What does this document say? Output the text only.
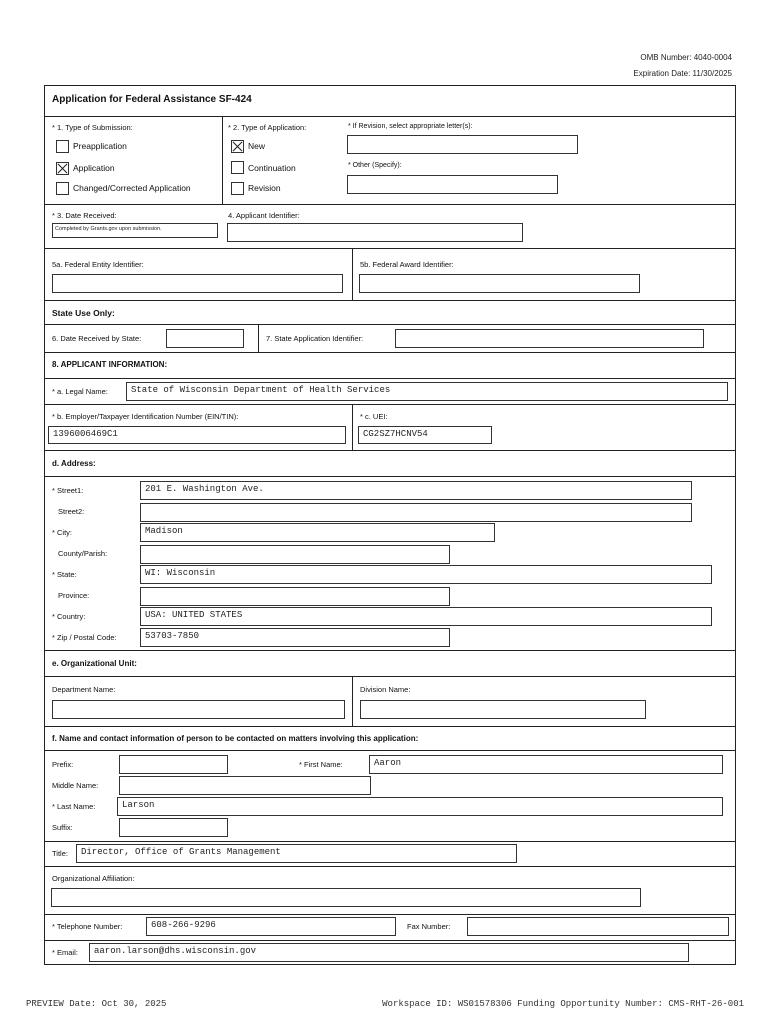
OMB Number: 4040-0004
Expiration Date: 11/30/2025
Application for Federal Assistance SF-424
* 1. Type of Submission:
Preapplication
Application
Changed/Corrected Application
* 2. Type of Application:
New
Continuation
Revision
* If Revision, select appropriate letter(s):
* Other (Specify):
* 3. Date Received:
Completed by Grants.gov upon submission.
4. Applicant Identifier:
5a. Federal Entity Identifier:	5b. Federal Award Identifier:
State Use Only:
6. Date Received by State:	7. State Application Identifier:
8. APPLICANT INFORMATION:
* a. Legal Name:	State of Wisconsin Department of Health Services
* b. Employer/Taxpayer Identification Number (EIN/TIN):
1396006469C1
* c. UEI:
CG2SZ7HCNV54
d. Address:
* Street1:	201 E. Washington Ave.
Street2:
* City:	Madison
County/Parish:
* State:	WI: Wisconsin
Province:
* Country:	USA: UNITED STATES
* Zip / Postal Code:	53703-7850
e. Organizational Unit:
Department Name:	Division Name:
f. Name and contact information of person to be contacted on matters involving this application:
Prefix:	* First Name:	Aaron
Middle Name:
* Last Name:	Larson
Suffix:
Title:	Director, Office of Grants Management
Organizational Affiliation:
* Telephone Number:	608-266-9296	Fax Number:
* Email:	aaron.larson@dhs.wisconsin.gov
PREVIEW Date: Oct 30, 2025	Workspace ID: WS01578306 Funding Opportunity Number: CMS-RHT-26-001
